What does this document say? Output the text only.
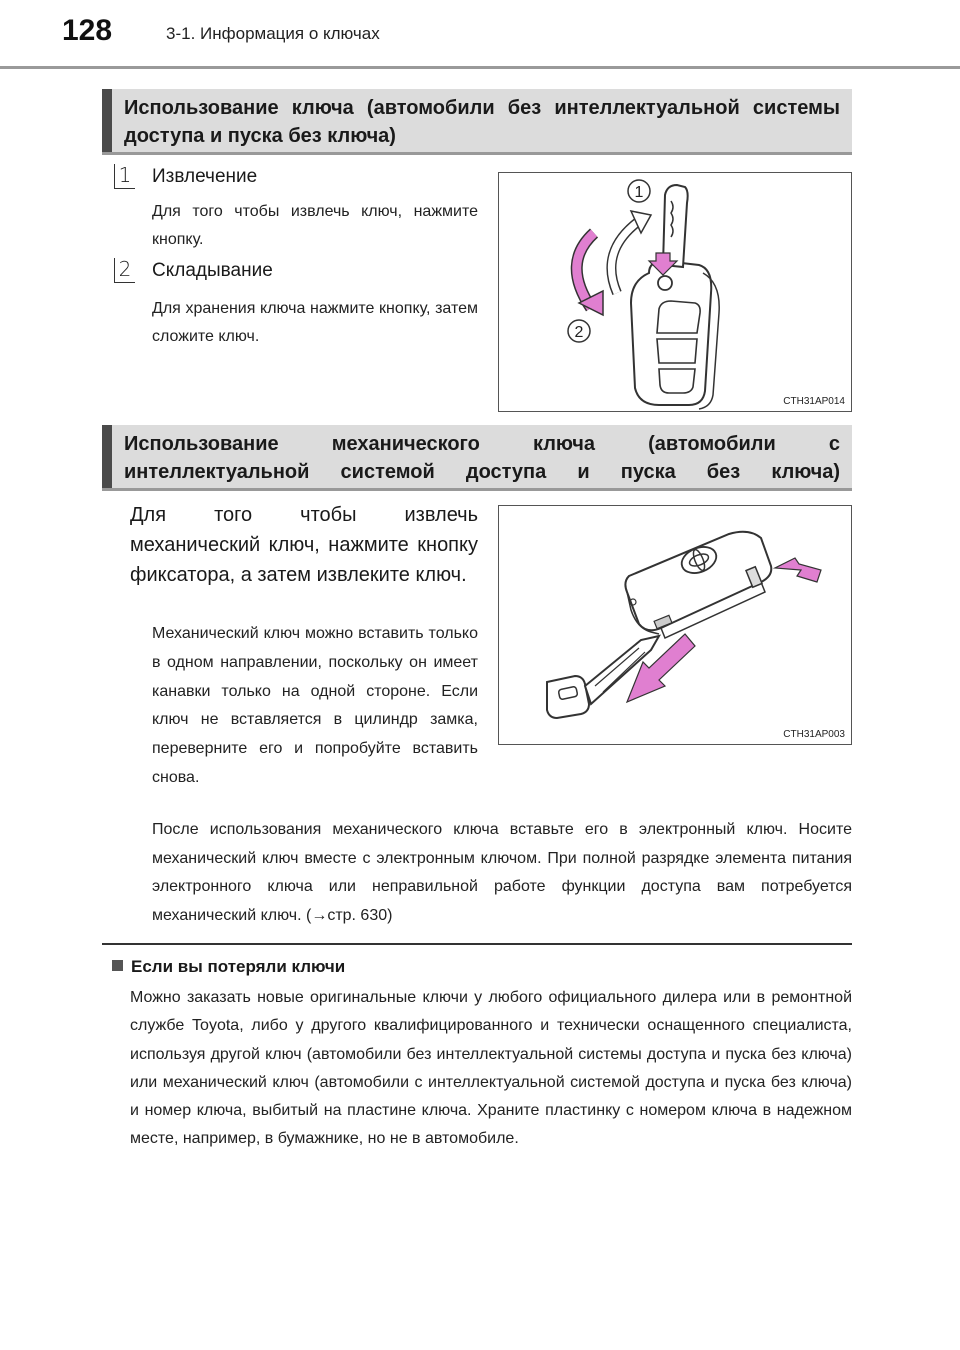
128	3-1. Информация о ключах
Использование ключа (автомобили без интеллектуальной системы доступа и пуска без ключа)
1 Извлечение
Для того чтобы извлечь ключ, нажмите кнопку.
2 Складывание
Для хранения ключа нажмите кнопку, затем сложите ключ.
1
2
CTH31AP014
Использование механического ключа (автомобили с интеллектуальной системой доступа и пуска без ключа)
Для того чтобы извлечь механический ключ, нажмите кнопку фиксатора, а затем извлеките ключ.
Механический ключ можно вставить только в одном направлении, поскольку он имеет канавки только на одной стороне. Если ключ не вставляется в цилиндр замка, переверните его и попробуйте вставить снова.
CTH31AP003
После использования механического ключа вставьте его в электронный ключ. Носите механический ключ вместе с электронным ключом. При полной разрядке элемента питания электронного ключа или неправильной работе функции доступа вам потребуется механический ключ. (→стр. 630)
Если вы потеряли ключи
Можно заказать новые оригинальные ключи у любого официального дилера или в ремонтной службе Toyota, либо у другого квалифицированного и технически оснащенного специалиста, используя другой ключ (автомобили без интеллектуальной системы доступа и пуска без ключа) или механический ключ (автомобили с интеллектуальной системой доступа и пуска без ключа) и номер ключа, выбитый на пластине ключа. Храните пластинку с номером ключа в надежном месте, например, в бумажнике, но не в автомобиле.
